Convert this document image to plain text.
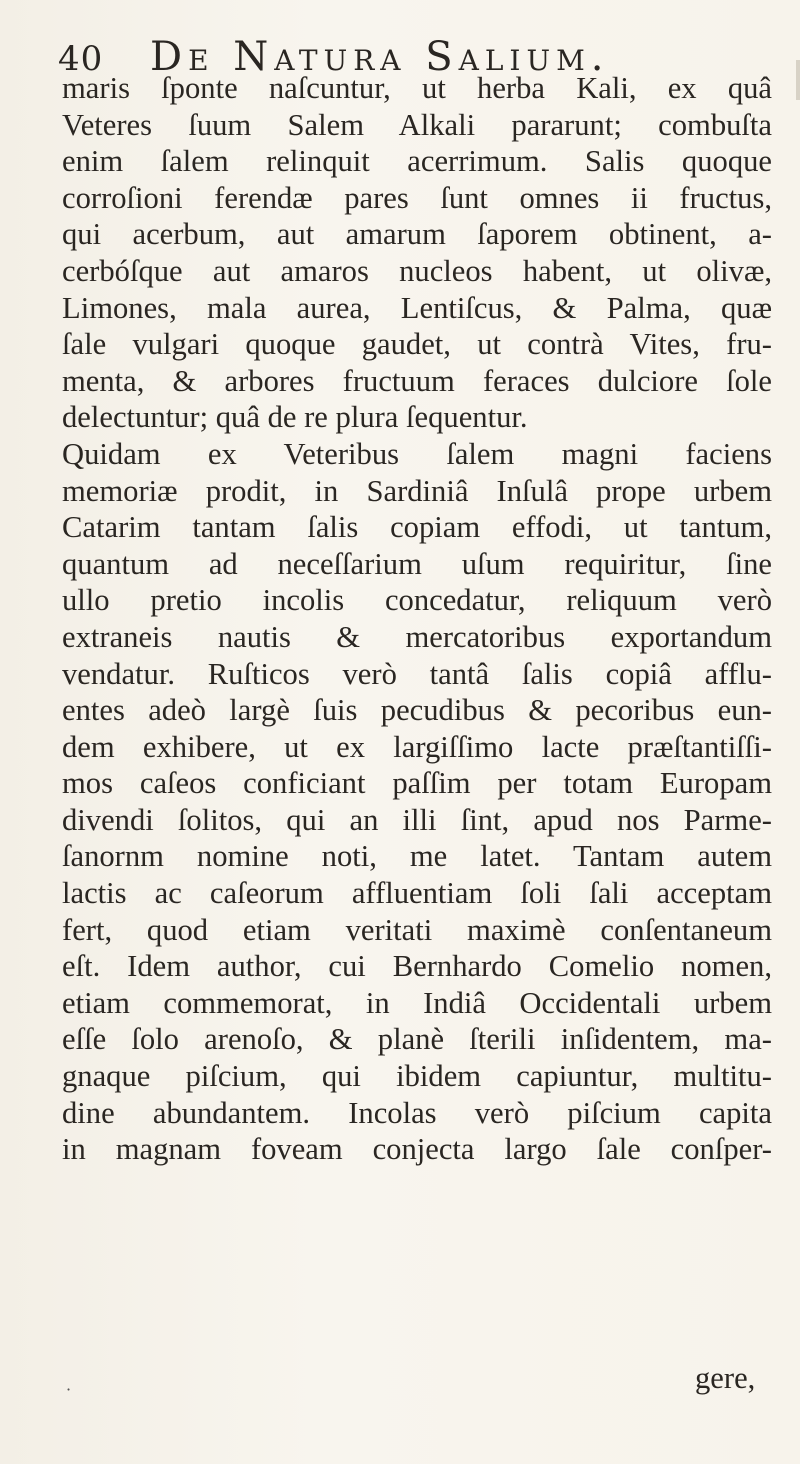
40	De Natura Salium.
maris ſponte naſcuntur, ut herba Kali, ex quâ
Veteres ſuum Salem Alkali pararunt; combuſta
enim ſalem relinquit acerrimum. Salis quoque
corroſioni ferendæ pares ſunt omnes ii fructus,
qui acerbum, aut amarum ſaporem obtinent, a-
cerbóſque aut amaros nucleos habent, ut olivæ,
Limones, mala aurea, Lentiſcus, & Palma, quæ
ſale vulgari quoque gaudet, ut contrà Vites, fru-
menta, & arbores fructuum feraces dulciore ſole
delectuntur; quâ de re plura ſequentur.
Quidam ex Veteribus ſalem magni faciens
memoriæ prodit, in Sardiniâ Inſulâ prope urbem
Catarim tantam ſalis copiam effodi, ut tantum,
quantum ad neceſſarium uſum requiritur, ſine
ullo pretio incolis concedatur, reliquum verò
extraneis nautis & mercatoribus exportandum
vendatur. Ruſticos verò tantâ ſalis copiâ afflu-
entes adeò largè ſuis pecudibus & pecoribus eun-
dem exhibere, ut ex largiſſimo lacte præſtantiſſi-
mos caſeos conficiant paſſim per totam Europam
divendi ſolitos, qui an illi ſint, apud nos Parme-
ſanornm nomine noti, me latet. Tantam autem
lactis ac caſeorum affluentiam ſoli ſali acceptam
fert, quod etiam veritati maximè conſentaneum
eſt. Idem author, cui Bernhardo Comelio nomen,
etiam commemorat, in Indiâ Occidentali urbem
eſſe ſolo arenoſo, & planè ſterili inſidentem, ma-
gnaque piſcium, qui ibidem capiuntur, multitu-
dine abundantem. Incolas verò piſcium capita
in magnam foveam conjecta largo ſale conſper-
gere,
·
